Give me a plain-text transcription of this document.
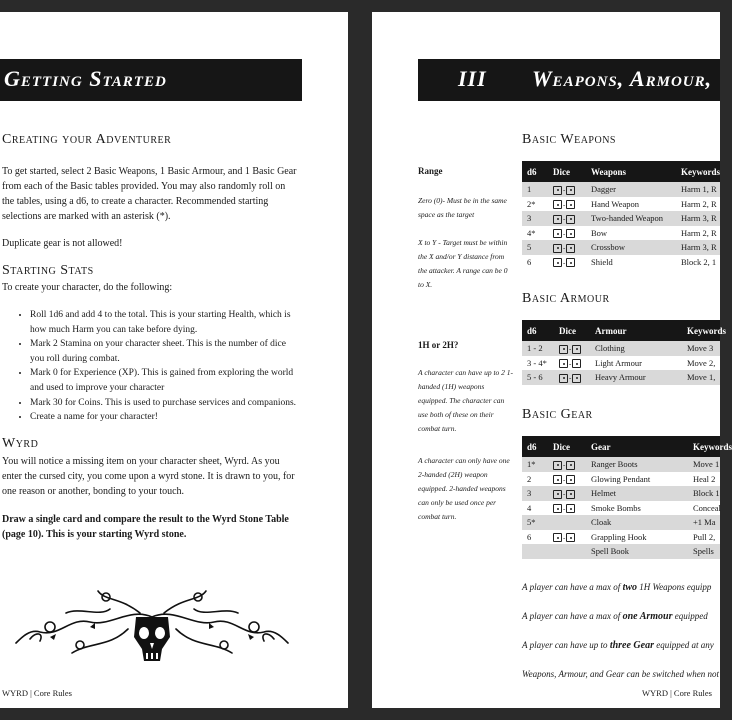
Getting Started
Creating your Adventurer
To get started, select 2 Basic Weapons, 1 Basic Armour, and 1 Basic Gear from each of the Basic tables provided. You may also randomly roll on the tables, using a d6, to create a character. Recommended starting selections are marked with an asterisk (*).
Duplicate gear is not allowed!
Starting Stats
To create your character, do the following:
• Roll 1d6 and add 4 to the total. This is your starting Health, which is how much Harm you can take before dying.
• Mark 2 Stamina on your character sheet. This is the number of dice you roll during combat.
• Mark 0 for Experience (XP). This is gained from exploring the world and used to improve your character
• Mark 30 for Coins. This is used to purchase services and companions.
• Create a name for your character!
Wyrd
You will notice a missing item on your character sheet, Wyrd. As you enter the cursed city, you come upon a wyrd stone. It is drawn to you, for one reason or another, bonding to your touch.
Draw a single card and compare the result to the Wyrd Stone Table (page 10). This is your starting Wyrd stone.
WYRD | Core Rules
III Weapons, Armour,
Range
Zero (0)- Must be in the same space as the target
X to Y - Target must be within the X and/or Y distance from the attacker. A range can be 0 to X.
1H or 2H?
A character can have up to 2 1-handed (1H) weapons equipped. The character can use both of these on their combat turn.
A character can only have one 2-handed (2H) weapon equipped. 2-handed weapons can only be used once per combat turn.
Basic Weapons
d6	Dice	Weapons	Keywords
1	-	Dagger	Harm 1, R
2*	-	Hand Weapon	Harm 2, R
3	-	Two-handed Weapon	Harm 3, R
4*	-	Bow	Harm 2, R
5	-	Crossbow	Harm 3, R
6	-	Shield	Block 2, 1
Basic Armour
d6	Dice	Armour	Keywords
1 - 2	-	Clothing	Move 3
3 - 4*	-	Light Armour	Move 2,
5 - 6	-	Heavy Armour	Move 1,
Basic Gear
d6	Dice	Gear	Keywords
1*	-	Ranger Boots	Move 1
2	-	Glowing Pendant	Heal 2
3	-	Helmet	Block 1
4	-	Smoke Bombs	Conceal
5*		Cloak	+1 Ma
6	-	Grappling Hook	Pull 2,
		Spell Book	Spells
A player can have a max of two 1H Weapons equipp
A player can have a max of one Armour equipped
A player can have up to three Gear equipped at any
Weapons, Armour, and Gear can be switched when not
WYRD | Core Rules
